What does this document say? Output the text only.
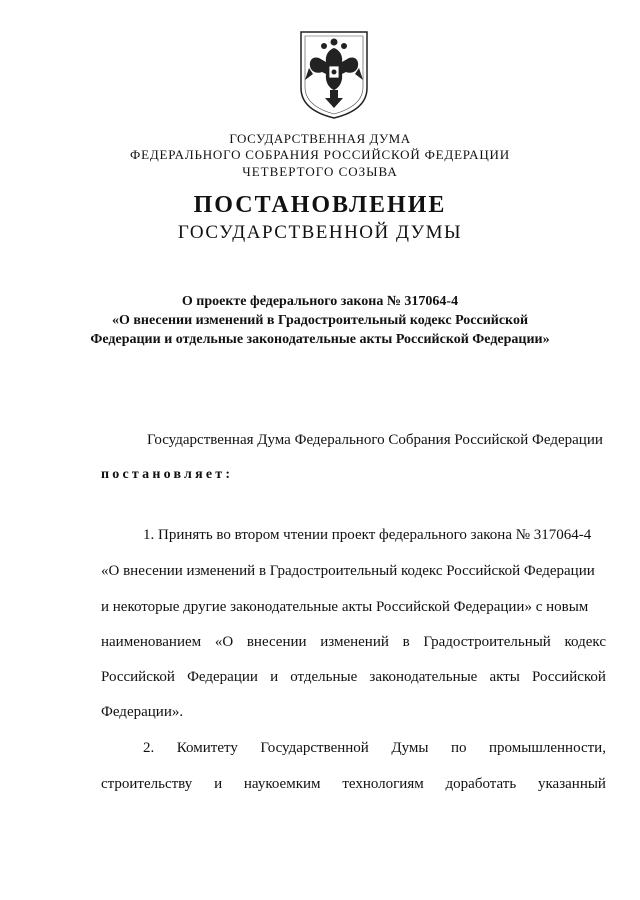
ГОСУДАРСТВЕННАЯ ДУМА
ФЕДЕРАЛЬНОГО СОБРАНИЯ РОССИЙСКОЙ ФЕДЕРАЦИИ
ЧЕТВЕРТОГО СОЗЫВА
ПОСТАНОВЛЕНИЕ
ГОСУДАРСТВЕННОЙ ДУМЫ
О проекте федерального закона № 317064-4
«О внесении изменений в Градостроительный кодекс Российской
Федерации и отдельные законодательные акты Российской Федерации»
Государственная Дума Федерального Собрания Российской Федерации
постановляет:
1. Принять во втором чтении проект федерального закона № 317064-4
«О внесении изменений в Градостроительный кодекс Российской Федерации
и некоторые другие законодательные акты Российской Федерации» с новым
наименованием «О внесении изменений в Градостроительный кодекс
Российской Федерации и отдельные законодательные акты Российской
Федерации».
2. Комитету Государственной Думы по промышленности,
строительству и наукоемким технологиям доработать указанный
